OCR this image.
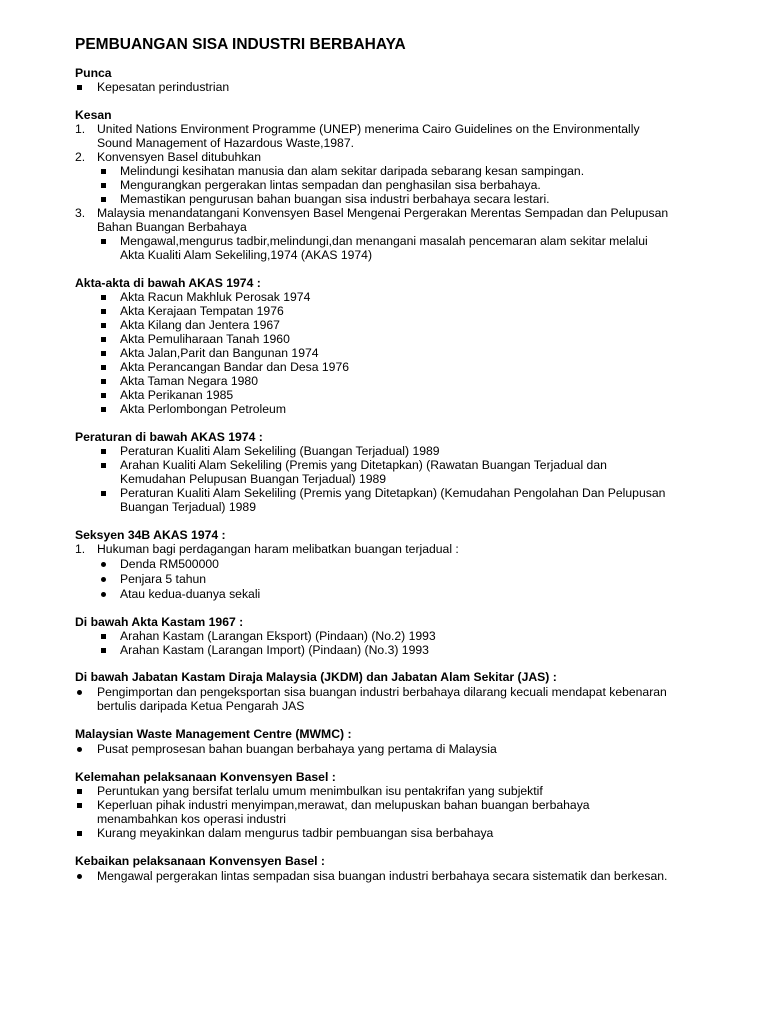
PEMBUANGAN SISA INDUSTRI BERBAHAYA
Punca
Kepesatan perindustrian
Kesan
1. United Nations Environment Programme (UNEP) menerima Cairo Guidelines on the Environmentally
Sound Management of Hazardous Waste,1987.
2. Konvensyen Basel ditubuhkan
Melindungi kesihatan manusia dan alam sekitar daripada sebarang kesan sampingan.
Mengurangkan pergerakan lintas sempadan dan penghasilan sisa berbahaya.
Memastikan pengurusan bahan buangan sisa industri berbahaya secara lestari.
3. Malaysia menandatangani Konvensyen Basel Mengenai Pergerakan Merentas Sempadan dan Pelupusan
Bahan Buangan Berbahaya
Mengawal,mengurus tadbir,melindungi,dan menangani masalah pencemaran alam sekitar melalui
Akta Kualiti Alam Sekeliling,1974 (AKAS 1974)
Akta-akta di bawah AKAS 1974 :
Akta Racun Makhluk Perosak 1974
Akta Kerajaan Tempatan 1976
Akta Kilang dan Jentera 1967
Akta Pemuliharaan Tanah 1960
Akta Jalan,Parit dan Bangunan 1974
Akta Perancangan Bandar dan Desa 1976
Akta Taman Negara 1980
Akta Perikanan 1985
Akta Perlombongan Petroleum
Peraturan di bawah AKAS 1974 :
Peraturan Kualiti Alam Sekeliling (Buangan Terjadual) 1989
Arahan Kualiti Alam Sekeliling (Premis yang Ditetapkan) (Rawatan Buangan Terjadual dan
Kemudahan Pelupusan Buangan Terjadual) 1989
Peraturan Kualiti Alam Sekeliling (Premis yang Ditetapkan) (Kemudahan Pengolahan Dan Pelupusan
Buangan Terjadual) 1989
Seksyen 34B AKAS 1974 :
1. Hukuman bagi perdagangan haram melibatkan buangan terjadual :
Denda RM500000
Penjara 5 tahun
Atau kedua-duanya sekali
Di bawah Akta Kastam 1967 :
Arahan Kastam (Larangan Eksport) (Pindaan) (No.2) 1993
Arahan Kastam (Larangan Import) (Pindaan) (No.3) 1993
Di bawah Jabatan Kastam Diraja Malaysia (JKDM) dan Jabatan Alam Sekitar (JAS) :
Pengimportan dan pengeksportan sisa buangan industri berbahaya dilarang kecuali mendapat kebenaran
bertulis daripada Ketua Pengarah JAS
Malaysian Waste Management Centre (MWMC) :
Pusat pemprosesan bahan buangan berbahaya yang pertama di Malaysia
Kelemahan pelaksanaan Konvensyen Basel :
Peruntukan yang bersifat terlalu umum menimbulkan isu pentakrifan yang subjektif
Keperluan pihak industri menyimpan,merawat, dan melupuskan bahan buangan berbahaya
menambahkan kos operasi industri
Kurang meyakinkan dalam mengurus tadbir pembuangan sisa berbahaya
Kebaikan pelaksanaan Konvensyen Basel :
Mengawal pergerakan lintas sempadan sisa buangan industri berbahaya secara sistematik dan berkesan.
